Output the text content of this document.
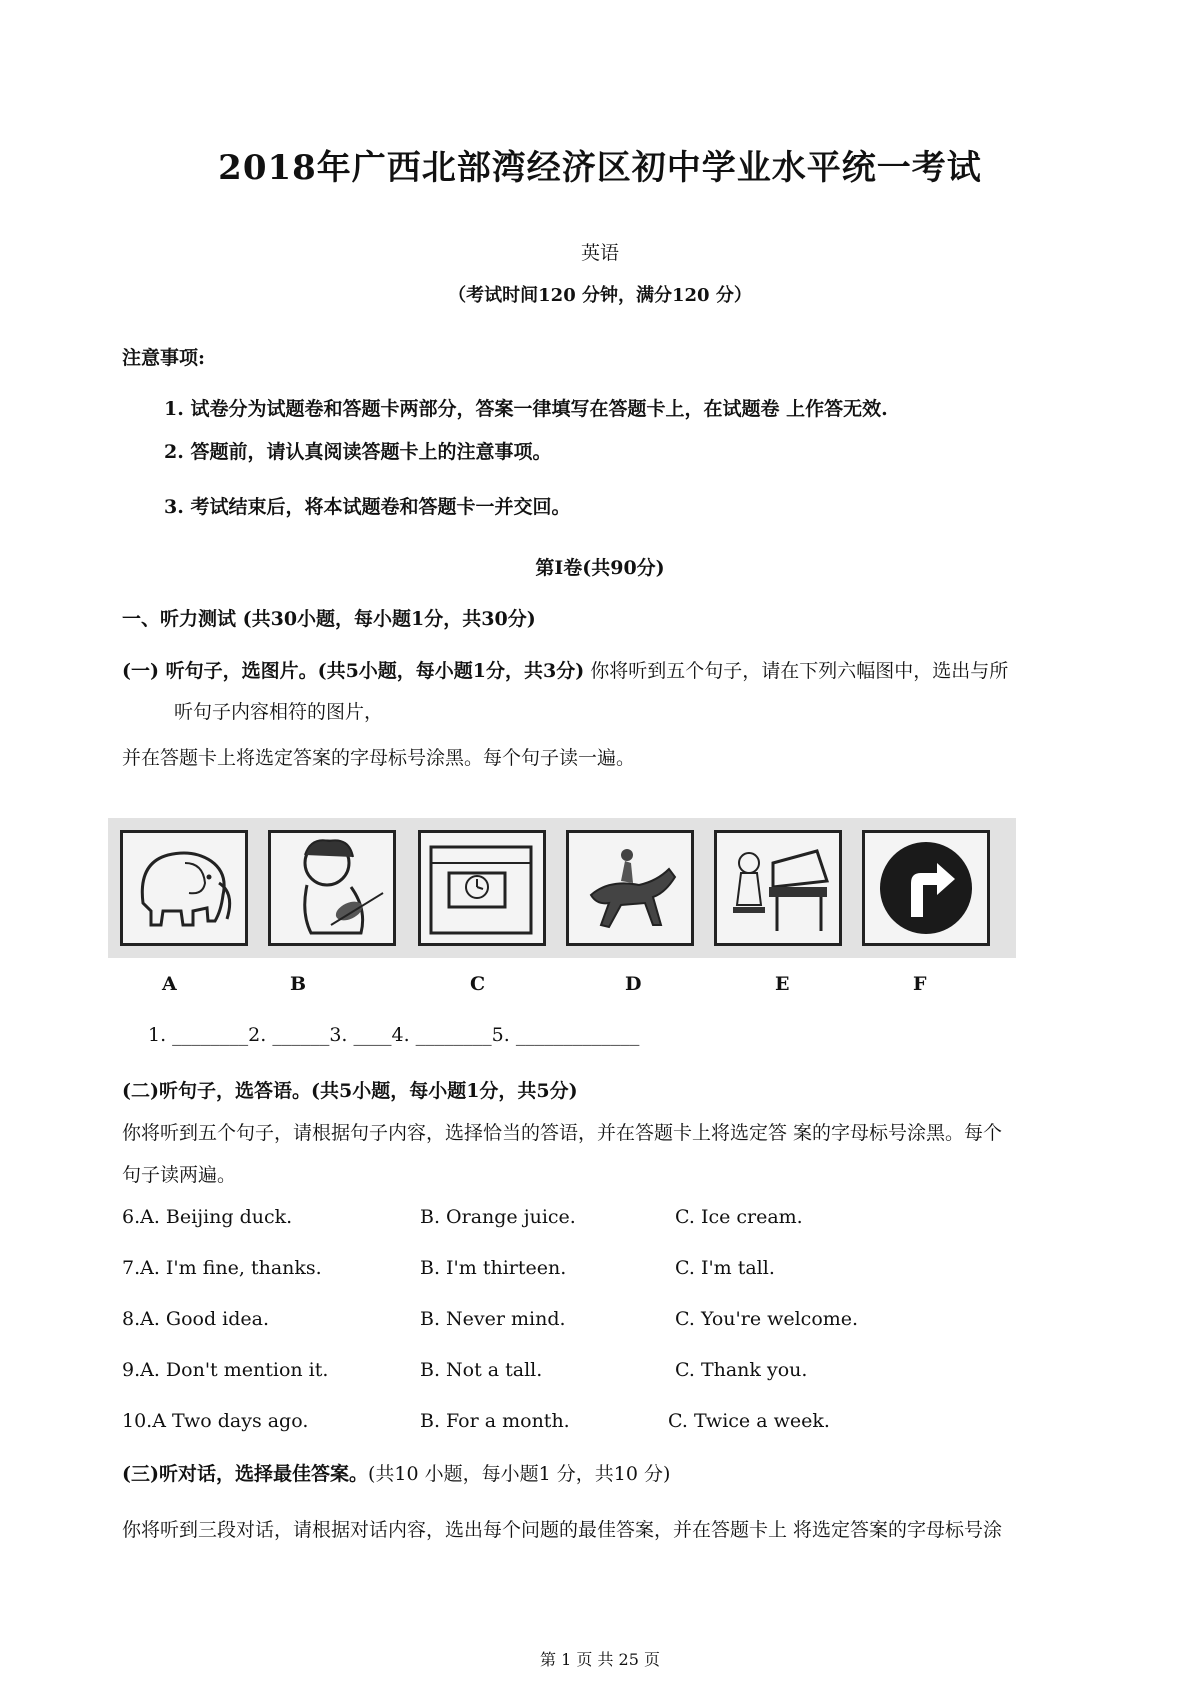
2018年广西北部湾经济区初中学业水平统一考试
英语
（考试时间120 分钟，满分120 分）
注意事项:
1. 试卷分为试题卷和答题卡两部分，答案一律填写在答题卡上，在试题卷 上作答无效.
2. 答题前，请认真阅读答题卡上的注意事项。
3. 考试结束后，将本试题卷和答题卡一并交回。
第Ⅰ卷(共90分)
一、听力测试 (共30小题，每小题1分，共30分)
(一) 听句子，选图片。(共5小题，每小题1分，共3分) 你将听到五个句子，请在下列六幅图中，选出与所
听句子内容相符的图片，
并在答题卡上将选定答案的字母标号涂黑。每个句子读一遍。
A	B	C	D	E	F
1. ________2. ______3. ____4. ________5. _____________
(二)听句子，选答语。(共5小题，每小题1分，共5分)
你将听到五个句子，请根据句子内容，选择恰当的答语，并在答题卡上将选定答 案的字母标号涂黑。每个
句子读两遍。
6.A. Beijing duck.	B. Orange juice.	C. Ice cream.
7.A. I'm fine, thanks.	B. I'm thirteen.	C. I'm tall.
8.A. Good idea.	B. Never mind.	C. You're welcome.
9.A. Don't mention it.	B. Not a tall.	C. Thank you.
10.A Two days ago.	B. For a month.	C. Twice a week.
(三)听对话，选择最佳答案。(共10 小题，每小题1 分，共10 分)
你将听到三段对话，请根据对话内容，选出每个问题的最佳答案，并在答题卡上 将选定答案的字母标号涂
第 1 页 共 25 页
